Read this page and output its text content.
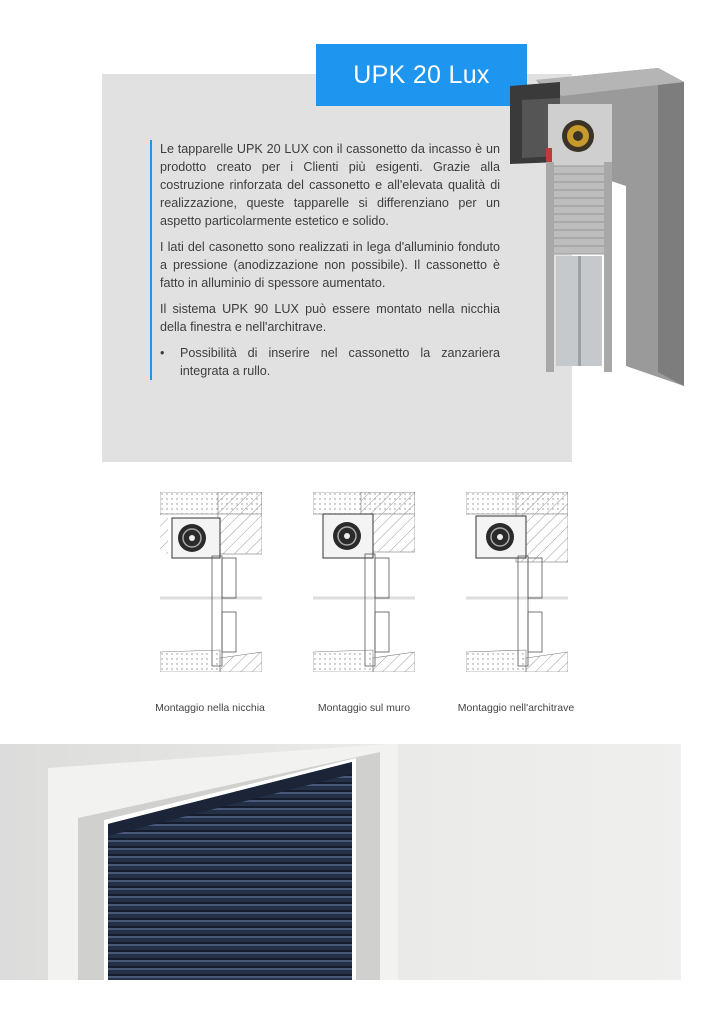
UPK 20 Lux

Le tapparelle UPK 20 LUX con il cassonetto da incasso è un prodotto creato per i Clienti più esigenti. Grazie alla costruzione rinforzata del cassonetto e all'elevata qualità di realizzazione, queste tapparelle si differenziano per un aspetto particolarmente estetico e solido.

I lati del casonetto sono realizzati in lega d'alluminio fonduto a pressione (anodizzazione non possibile). Il cassonetto è fatto in alluminio di spessore aumentato.

Il sistema UPK 90 LUX può essere montato nella nicchia della finestra e nell'architrave.

•	Possibilità di inserire nel cassonetto la zanzariera integrata a rullo.
Montaggio nella nicchia	Montaggio sul muro	Montaggio nell'architrave
